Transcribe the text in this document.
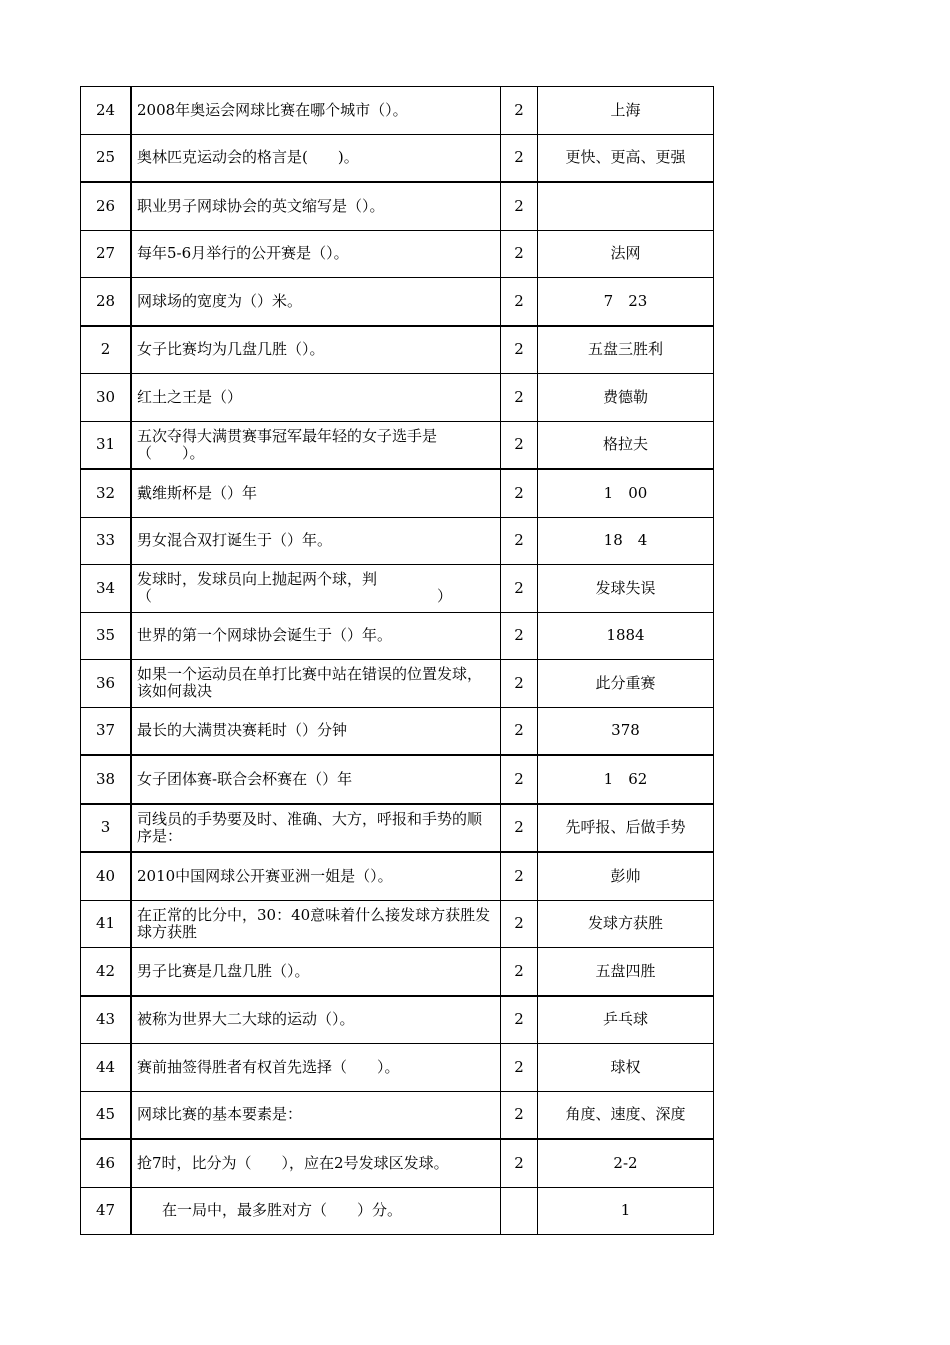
24	2008年奥运会网球比赛在哪个城市（）。	2	上海
25	奥林匹克运动会的格言是(　　)。	2	更快、更高、更强
26	职业男子网球协会的英文缩写是（）。	2	
27	每年5-6月举行的公开赛是（）。	2	法网
28	网球场的宽度为（）米。	2	7　23
2	女子比赛均为几盘几胜（）。	2	五盘三胜利
30	红土之王是（）	2	费德勒
31	五次夺得大满贯赛事冠军最年轻的女子选手是（　　）。	2	格拉夫
32	戴维斯杯是（）年	2	1　00
33	男女混合双打诞生于（）年。	2	18　4
34	发球时，发球员向上抛起两个球，判（　　　　　　　　　　　　　　　　　　　）	2	发球失误
35	世界的第一个网球协会诞生于（）年。	2	1884
36	如果一个运动员在单打比赛中站在错误的位置发球，该如何裁决	2	此分重赛
37	最长的大满贯决赛耗时（）分钟	2	378
38	女子团体赛-联合会杯赛在（）年	2	1　62
3	司线员的手势要及时、准确、大方，呼报和手势的顺序是：	2	先呼报、后做手势
40	2010中国网球公开赛亚洲一姐是（）。	2	彭帅
41	在正常的比分中，30：40意味着什么接发球方获胜发球方获胜	2	发球方获胜
42	男子比赛是几盘几胜（）。	2	五盘四胜
43	被称为世界大二大球的运动（）。	2	乒乓球
44	赛前抽签得胜者有权首先选择（　　）。	2	球权
45	网球比赛的基本要素是：	2	角度、速度、深度
46	抢7时，比分为（　　），应在2号发球区发球。	2	2-2
47	在一局中，最多胜对方（　　）分。		1
